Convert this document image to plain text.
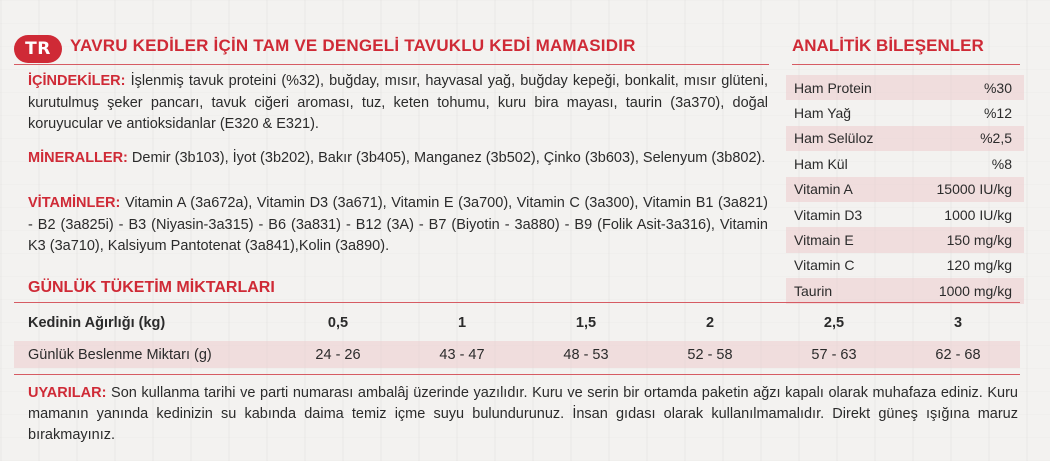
TR	YAVRU KEDİLER İÇİN TAM VE DENGELİ TAVUKLU KEDİ MAMASIDIR	ANALİTİK BİLEŞENLER
İÇİNDEKİLER: İşlenmiş tavuk proteini (%32), buğday, mısır, hayvasal yağ, buğday kepeği, bonkalit, mısır glüteni, kurutulmuş şeker pancarı, tavuk ciğeri aroması, tuz, keten tohumu, kuru bira mayası, taurin (3a370), doğal koruyucular ve antioksidanlar (E320 & E321).
MİNERALLER: Demir (3b103), İyot (3b202), Bakır (3b405), Manganez (3b502), Çinko (3b603), Selenyum (3b802).
VİTAMİNLER: Vitamin A (3a672a), Vitamin D3 (3a671), Vitamin E (3a700), Vitamin C (3a300), Vitamin B1 (3a821) - B2 (3a825i) - B3 (Niyasin-3a315) - B6 (3a831) - B12 (3A) - B7 (Biyotin - 3a880) - B9 (Folik Asit-3a316), Vitamin K3 (3a710), Kalsiyum Pantotenat (3a841),Kolin (3a890).
Ham Protein	%30
Ham Yağ	%12
Ham Selüloz	%2,5
Ham Kül	%8
Vitamin A	15000 IU/kg
Vitamin D3	1000 IU/kg
Vitmain E	150 mg/kg
Vitamin C	120 mg/kg
Taurin	1000 mg/kg
GÜNLÜK TÜKETİM MİKTARLARI
Kedinin Ağırlığı (kg)	0,5	1	1,5	2	2,5	3
Günlük Beslenme Miktarı (g)	24 - 26	43 - 47	48 - 53	52 - 58	57 - 63	62 - 68
UYARILAR: Son kullanma tarihi ve parti numarası ambalâj üzerinde yazılıdır. Kuru ve serin bir ortamda paketin ağzı kapalı olarak muhafaza ediniz. Kuru mamanın yanında kedinizin su kabında daima temiz içme suyu bulundurunuz. İnsan gıdası olarak kullanılmamalıdır. Direkt güneş ışığına maruz bırakmayınız.
